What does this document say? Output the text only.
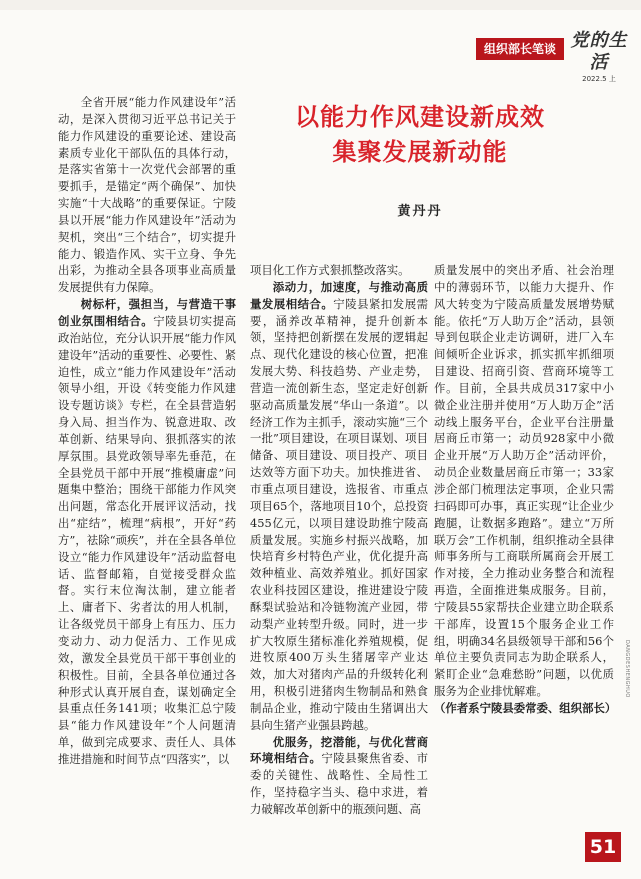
组织部长笔谈 党的生活
2022.5 上
以能力作风建设新成效
集聚发展新动能
黄丹丹

全省开展“能力作风建设年”活动，是深入贯彻习近平总书记关于能力作风建设的重要论述、建设高素质专业化干部队伍的具体行动，是落实省第十一次党代会部署的重要抓手，是锚定“两个确保”、加快实施“十大战略”的重要保证。宁陵县以开展“能力作风建设年”活动为契机，突出“三个结合”，切实提升能力、锻造作风、实干立身、争先出彩，为推动全县各项事业高质量发展提供有力保障。

树标杆，强担当，与营造干事创业氛围相结合。宁陵县切实提高政治站位，充分认识开展“能力作风建设年”活动的重要性、必要性、紧迫性，成立“能力作风建设年”活动领导小组，开设《转变能力作风建设专题访谈》专栏，在全县营造躬身入局、担当作为、锐意进取、改革创新、结果导向、狠抓落实的浓厚氛围。县党政领导率先垂范，在全县党员干部中开展“推模庸虚”问题集中整治；围绕干部能力作风突出问题，常态化开展评议活动，找出“症结”，梳理“病根”，开好“药方”，祛除“顽疾”，并在全县各单位设立“能力作风建设年”活动监督电话、监督邮箱，自觉接受群众监督。实行末位淘汰制，建立能者上、庸者下、劣者汰的用人机制，让各级党员干部身上有压力、压力变动力、动力促活力、工作见成效，激发全县党员干部干事创业的积极性。目前，全县各单位通过各种形式认真开展自查，谋划确定全县重点任务141项；收集汇总宁陵县“能力作风建设年”个人问题清单，做到完成要求、责任人、具体推进措施和时间节点“四落实”，以

项目化工作方式狠抓整改落实。

添动力，加速度，与推动高质量发展相结合。宁陵县紧扣发展需要，涵养改革精神，提升创新本领，坚持把创新摆在发展的逻辑起点、现代化建设的核心位置，把准发展大势、科技趋势、产业走势，营造一流创新生态，坚定走好创新驱动高质量发展“华山一条道”。以经济工作为主抓手，滚动实施“三个一批”项目建设，在项目谋划、项目储备、项目建设、项目投产、项目达效等方面下功夫。加快推进省、市重点项目建设，选报省、市重点项目65个，落地项目10个，总投资455亿元，以项目建设助推宁陵高质量发展。实施乡村振兴战略，加快培育乡村特色产业，优化提升高效种植业、高效养殖业。抓好国家农业科技园区建设，推进建设宁陵酥梨试验站和冷链物流产业园，带动梨产业转型升级。同时，进一步扩大牧原生猪标准化养殖规模，促进牧原400万头生猪屠宰产业达效，加大对猪肉产品的升级转化利用，积极引进猪肉生物制品和熟食制品企业，推动宁陵由生猪调出大县向生猪产业强县跨越。

优服务，挖潜能，与优化营商环境相结合。宁陵县聚焦省委、市委的关键性、战略性、全局性工作，坚持稳字当头、稳中求进，着力破解改革创新中的瓶颈问题、高

质量发展中的突出矛盾、社会治理中的薄弱环节，以能力大提升、作风大转变为宁陵高质量发展增势赋能。依托“万人助万企”活动，县领导到包联企业走访调研，进厂入车间倾听企业诉求，抓实抓牢抓细项目建设、招商引资、营商环境等工作。目前，全县共成员317家中小微企业注册并使用“万人助万企”活动线上服务平台，企业平台注册量居商丘市第一；动员928家中小微企业开展“万人助万企”活动评价，动员企业数量居商丘市第一；33家涉企部门梳理法定事项，企业只需扫码即可办事，真正实现“让企业少跑腿，让数据多跑路”。建立“万所联万会”工作机制，组织推动全县律师事务所与工商联所属商会开展工作对接，全力推动业务整合和流程再造，全面推进集成服务。目前，宁陵县55家帮扶企业建立助企联系干部库，设置15个服务企业工作组，明确34名县级领导干部和56个单位主要负责同志为助企联系人，紧盯企业“急难愁盼”问题，以优质服务为企业排忧解难。

（作者系宁陵县委常委、组织部长）

DANGDESHENGHUO
51
